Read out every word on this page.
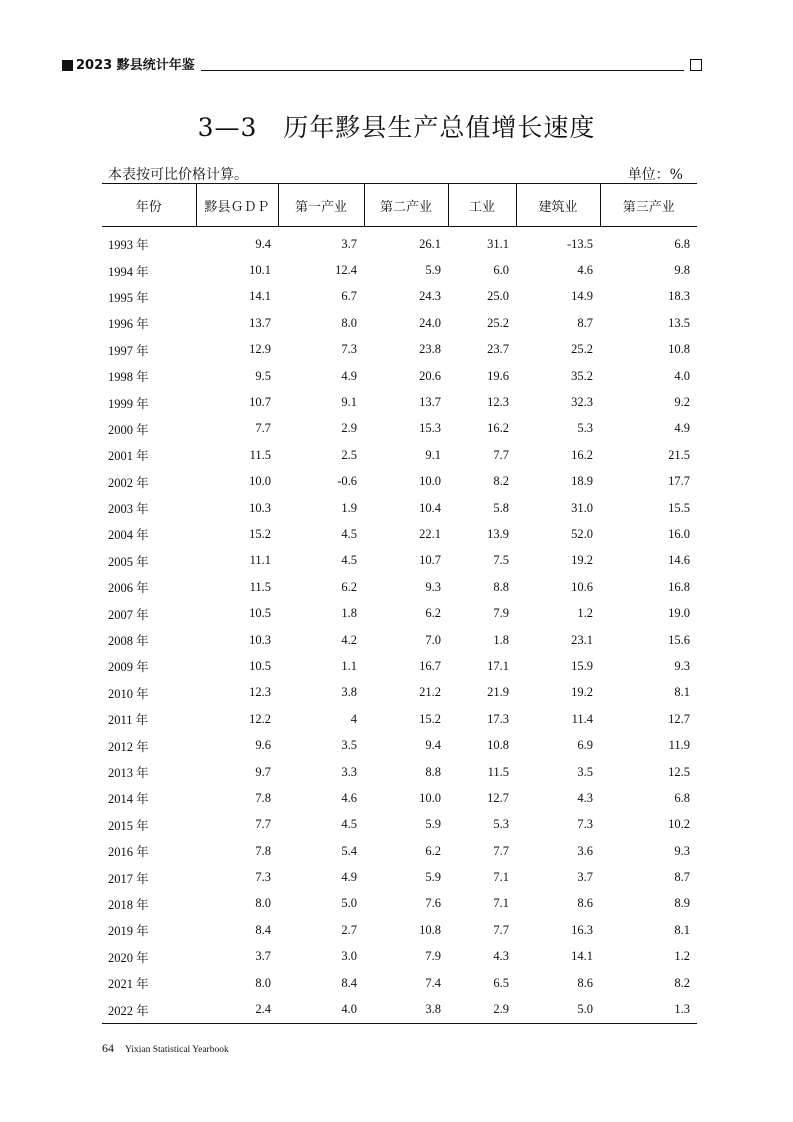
2023 黟县统计年鉴
3—3　历年黟县生产总值增长速度
本表按可比价格计算。	单位：%
年份	黟县ＧＤＰ	第一产业	第二产业	工业	建筑业	第三产业
1993 年	9.4	3.7	26.1	31.1	-13.5	6.8
1994 年	10.1	12.4	5.9	6.0	4.6	9.8
1995 年	14.1	6.7	24.3	25.0	14.9	18.3
1996 年	13.7	8.0	24.0	25.2	8.7	13.5
1997 年	12.9	7.3	23.8	23.7	25.2	10.8
1998 年	9.5	4.9	20.6	19.6	35.2	4.0
1999 年	10.7	9.1	13.7	12.3	32.3	9.2
2000 年	7.7	2.9	15.3	16.2	5.3	4.9
2001 年	11.5	2.5	9.1	7.7	16.2	21.5
2002 年	10.0	-0.6	10.0	8.2	18.9	17.7
2003 年	10.3	1.9	10.4	5.8	31.0	15.5
2004 年	15.2	4.5	22.1	13.9	52.0	16.0
2005 年	11.1	4.5	10.7	7.5	19.2	14.6
2006 年	11.5	6.2	9.3	8.8	10.6	16.8
2007 年	10.5	1.8	6.2	7.9	1.2	19.0
2008 年	10.3	4.2	7.0	1.8	23.1	15.6
2009 年	10.5	1.1	16.7	17.1	15.9	9.3
2010 年	12.3	3.8	21.2	21.9	19.2	8.1
2011 年	12.2	4	15.2	17.3	11.4	12.7
2012 年	9.6	3.5	9.4	10.8	6.9	11.9
2013 年	9.7	3.3	8.8	11.5	3.5	12.5
2014 年	7.8	4.6	10.0	12.7	4.3	6.8
2015 年	7.7	4.5	5.9	5.3	7.3	10.2
2016 年	7.8	5.4	6.2	7.7	3.6	9.3
2017 年	7.3	4.9	5.9	7.1	3.7	8.7
2018 年	8.0	5.0	7.6	7.1	8.6	8.9
2019 年	8.4	2.7	10.8	7.7	16.3	8.1
2020 年	3.7	3.0	7.9	4.3	14.1	1.2
2021 年	8.0	8.4	7.4	6.5	8.6	8.2
2022 年	2.4	4.0	3.8	2.9	5.0	1.3
64 Yixian Statistical Yearbook
